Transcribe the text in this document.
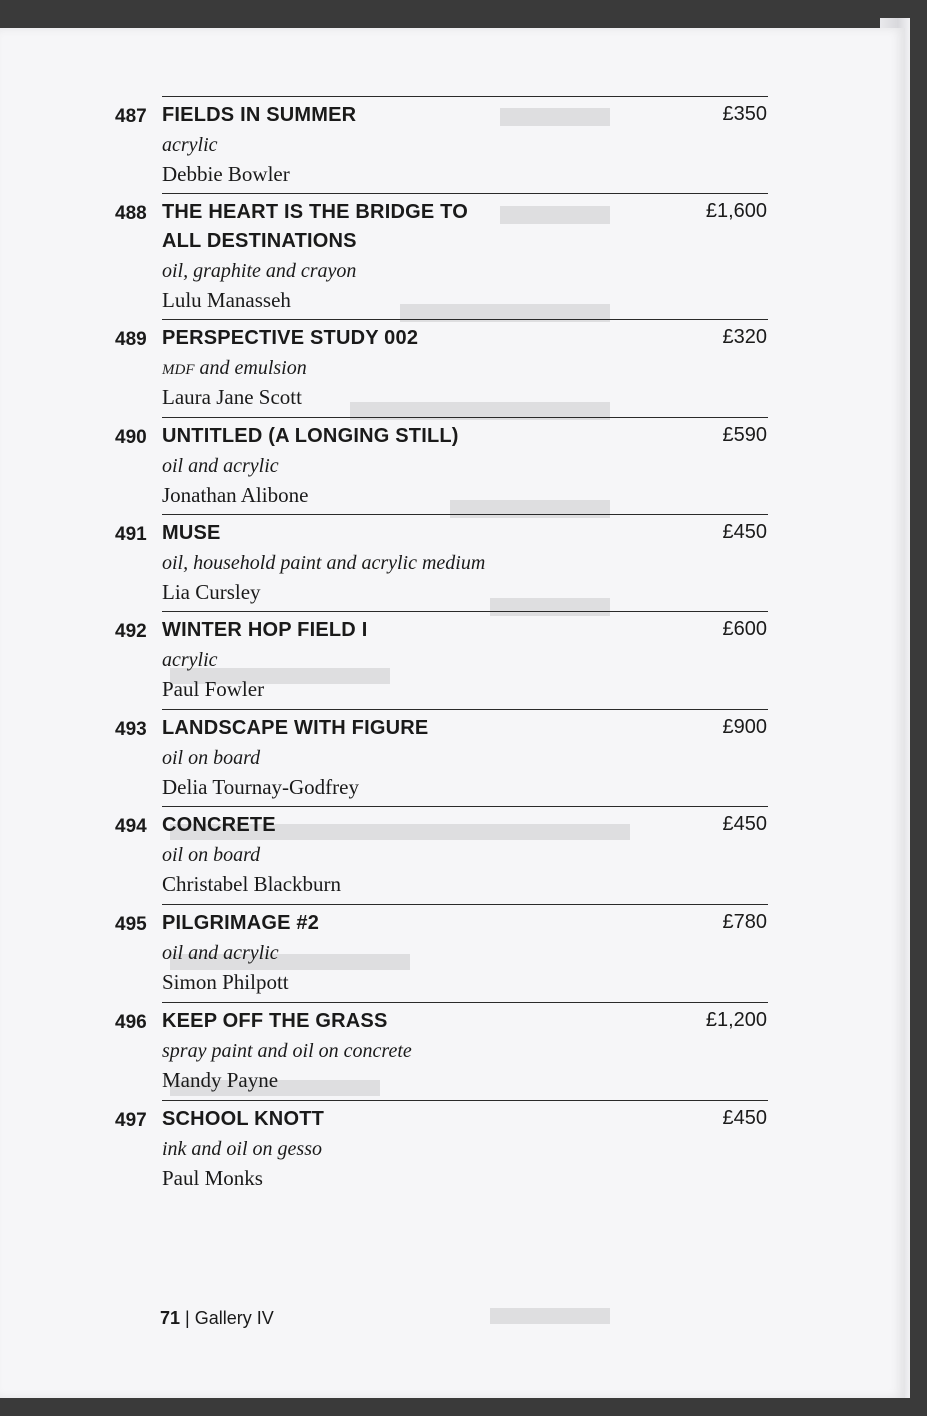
487 FIELDS IN SUMMER	£350
acrylic
Debbie Bowler
488 THE HEART IS THE BRIDGE TO ALL DESTINATIONS
£1,600
oil, graphite and crayon
Lulu Manasseh
489 PERSPECTIVE STUDY 002	£320
MDF and emulsion
Laura Jane Scott
490 UNTITLED (A LONGING STILL)	£590
oil and acrylic
Jonathan Alibone
491 MUSE	£450
oil, household paint and acrylic medium
Lia Cursley
492 WINTER HOP FIELD I	£600
acrylic
Paul Fowler
493 LANDSCAPE WITH FIGURE	£900
oil on board
Delia Tournay-Godfrey
494 CONCRETE	£450
oil on board
Christabel Blackburn
495 PILGRIMAGE #2	£780
oil and acrylic
Simon Philpott
496 KEEP OFF THE GRASS	£1,200
spray paint and oil on concrete
Mandy Payne
497 SCHOOL KNOTT	£450
ink and oil on gesso
Paul Monks
71 | Gallery IV
